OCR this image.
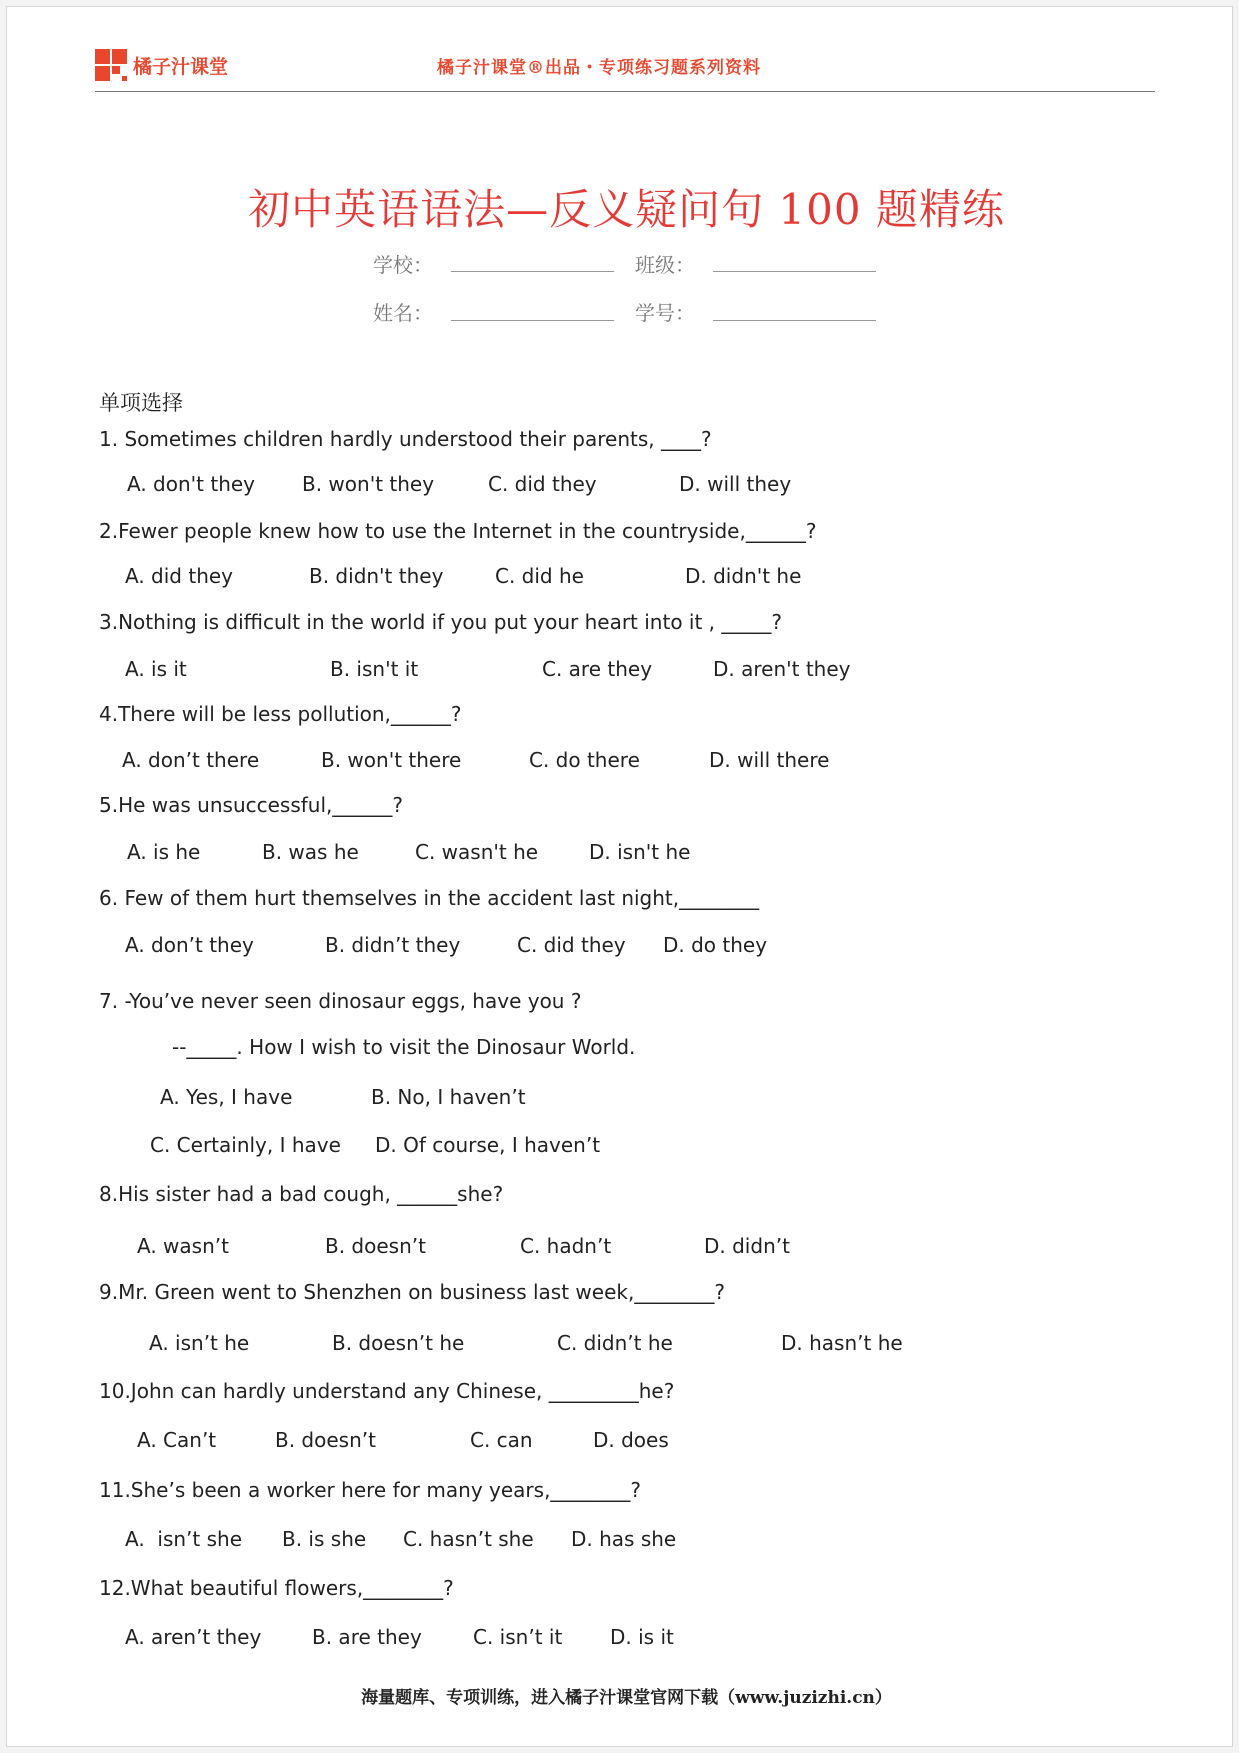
橘子汁课堂	橘子汁课堂®出品・专项练习题系列资料
初中英语语法—反义疑问句 100 题精练
学校：	班级：
姓名：	学号：
单项选择
1. Sometimes children hardly understood their parents, ____?
A. don't they B. won't they	C. did they	D. will they
2.Fewer people knew how to use the Internet in the countryside,______?
A. did they	B. didn't they	C. did he	D. didn't he
3.Nothing is difficult in the world if you put your heart into it , _____?
A. is it	B. isn't it	C. are they	D. aren't they
4.There will be less pollution,______?
A. don’t there	B. won't there	C. do there	D. will there
5.He was unsuccessful,______?
A. is he	B. was he	C. wasn't he	D. isn't he
6. Few of them hurt themselves in the accident last night,________
A. don’t they	B. didn’t they	C. did they D. do they
7. -You’ve never seen dinosaur eggs, have you ?
--_____. How I wish to visit the Dinosaur World.
A. Yes, I have	B. No, I haven’t
C. Certainly, I have D. Of course, I haven’t
8.His sister had a bad cough, ______she?
A. wasn’t	B. doesn’t	C. hadn’t	D. didn’t
9.Mr. Green went to Shenzhen on business last week,________?
A. isn’t he	B. doesn’t he	C. didn’t he	D. hasn’t he
10.John can hardly understand any Chinese, _________he?
A. Can’t	B. doesn’t	C. can	D. does
11.She’s been a worker here for many years,________?
A.  isn’t she B. is she C. hasn’t she D. has she
12.What beautiful flowers,________?
A. aren’t they	B. are they	C. isn’t it D. is it
海量题库、专项训练，进入橘子汁课堂官网下载（www.juzizhi.cn）
